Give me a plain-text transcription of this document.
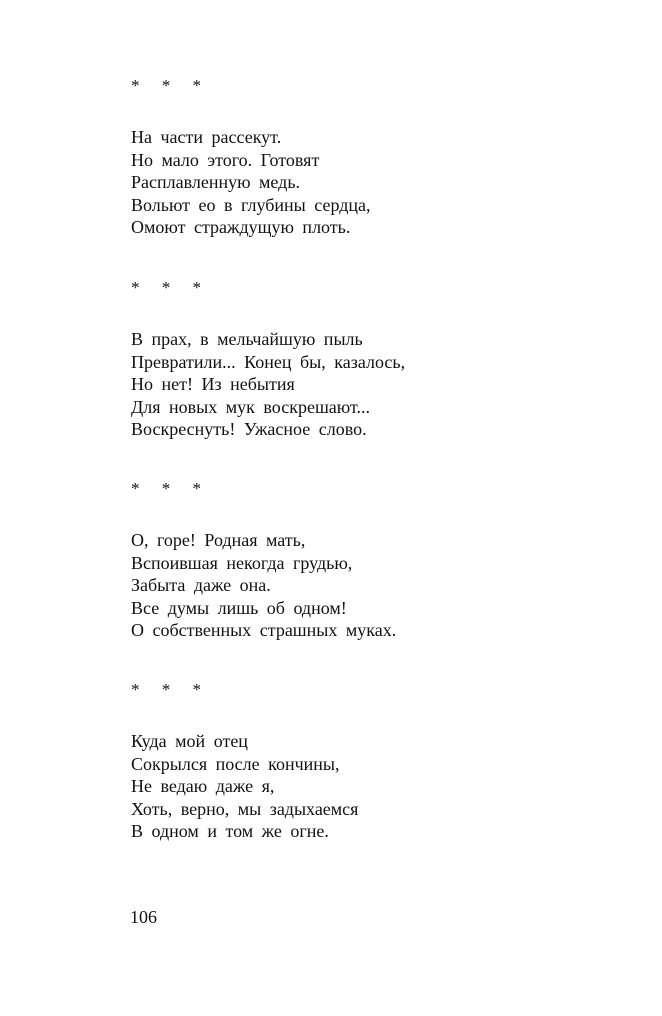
* * *
На части рассекут.
Но мало этого. Готовят
Расплавленную медь.
Вольют ео в глубины сердца,
Омоют страждущую плоть.
* * *
В прах, в мельчайшую пыль
Превратили... Конец бы, казалось,
Но нет! Из небытия
Для новых мук воскрешают...
Воскреснуть! Ужасное слово.
* * *
О, горе! Родная мать,
Вспоившая некогда грудью,
Забыта даже она.
Все думы лишь об одном!
О собственных страшных муках.
* * *
Куда мой отец
Сокрылся после кончины,
Не ведаю даже я,
Хоть, верно, мы задыхаемся
В одном и том же огне.
106
